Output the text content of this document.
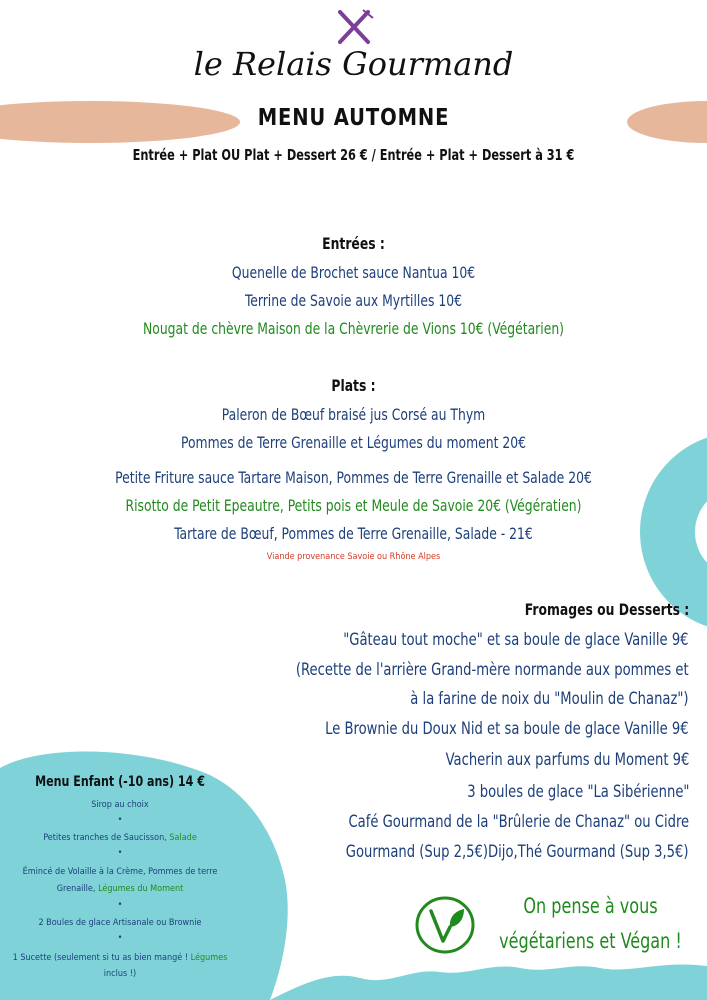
le Relais Gourmand
MENU AUTOMNE
Entrée + Plat OU Plat + Dessert 26 € / Entrée + Plat + Dessert à 31 €
Entrées :
Quenelle de Brochet sauce Nantua 10€
Terrine de Savoie aux Myrtilles 10€
Nougat de chèvre Maison de la Chèvrerie de Vions 10€ (Végétarien)
Plats :
Paleron de Bœuf braisé jus Corsé au Thym
Pommes de Terre Grenaille et Légumes du moment 20€
Petite Friture sauce Tartare Maison, Pommes de Terre Grenaille et Salade 20€
Risotto de Petit Epeautre, Petits pois et Meule de Savoie 20€ (Végératien)
Tartare de Bœuf, Pommes de Terre Grenaille, Salade - 21€
Viande provenance Savoie ou Rhône Alpes
Fromages ou Desserts :
"Gâteau tout moche" et sa boule de glace Vanille 9€
(Recette de l'arrière Grand-mère normande aux pommes et
à la farine de noix du "Moulin de Chanaz")
Le Brownie du Doux Nid et sa boule de glace Vanille 9€
Vacherin aux parfums du Moment 9€
3 boules de glace "La Sibérienne"
Café Gourmand de la "Brûlerie de Chanaz" ou Cidre
Gourmand (Sup 2,5€)Dijo,Thé Gourmand (Sup 3,5€)
Menu Enfant (-10 ans) 14 €
Sirop au choix
•
Petites tranches de Saucisson, Salade
•
Émincé de Volaille à la Crème, Pommes de terre
Grenaille, Légumes du Moment
•
2 Boules de glace Artisanale ou Brownie
•
1 Sucette (seulement si tu as bien mangé ! Légumes
inclus !)
On pense à vous
végétariens et Végan !
